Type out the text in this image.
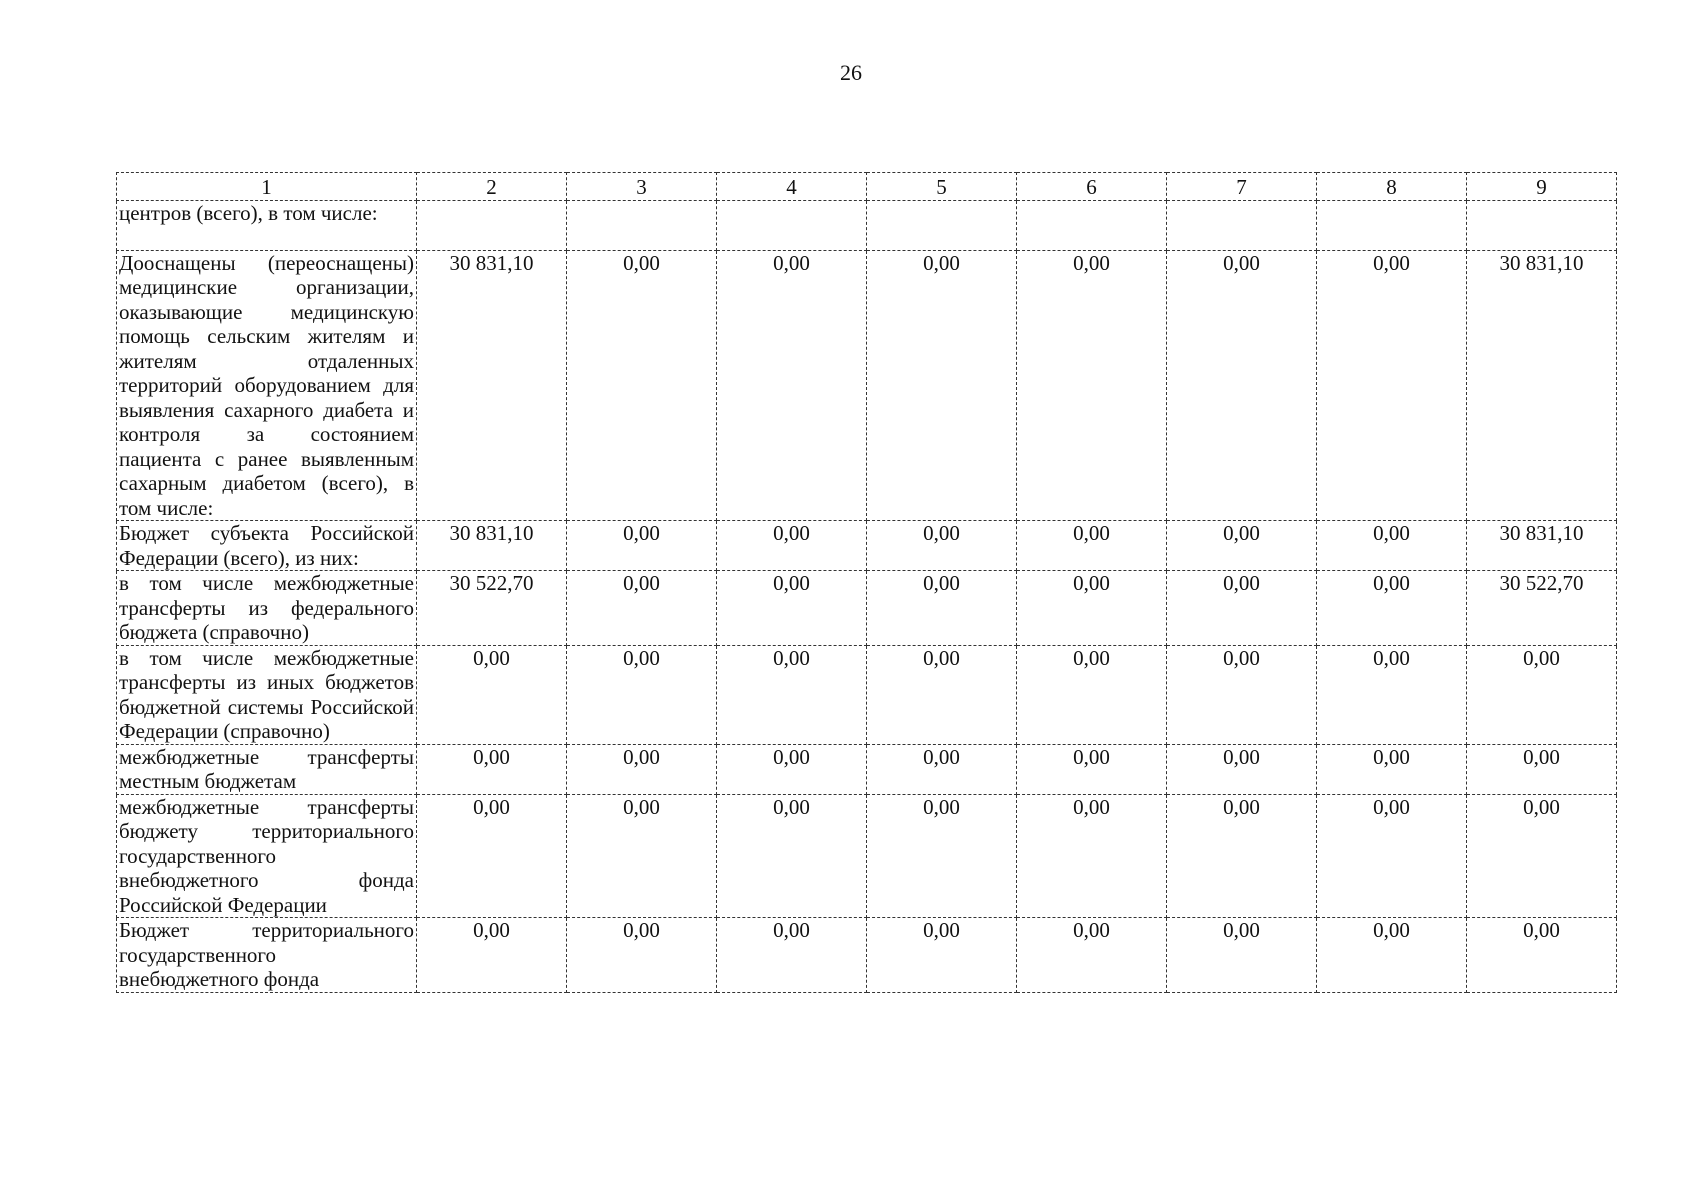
26
1	2	3	4	5	6	7	8	9
центров (всего), в том числе:								
Дооснащены (переоснащены) медицинские организации, оказывающие медицинскую помощь сельским жителям и жителям отдаленных территорий оборудованием для выявления сахарного диабета и контроля за состоянием пациента с ранее выявленным сахарным диабетом (всего), в том числе:	30 831,10	0,00	0,00	0,00	0,00	0,00	0,00	30 831,10
Бюджет субъекта Российской Федерации (всего), из них:	30 831,10	0,00	0,00	0,00	0,00	0,00	0,00	30 831,10
в том числе межбюджетные трансферты из федерального бюджета (справочно)	30 522,70	0,00	0,00	0,00	0,00	0,00	0,00	30 522,70
в том числе межбюджетные трансферты из иных бюджетов бюджетной системы Российской Федерации (справочно)	0,00	0,00	0,00	0,00	0,00	0,00	0,00	0,00
межбюджетные трансферты местным бюджетам	0,00	0,00	0,00	0,00	0,00	0,00	0,00	0,00
межбюджетные трансферты бюджету территориального государственного внебюджетного фонда Российской Федерации	0,00	0,00	0,00	0,00	0,00	0,00	0,00	0,00
Бюджет территориального государственного внебюджетного фонда	0,00	0,00	0,00	0,00	0,00	0,00	0,00	0,00
